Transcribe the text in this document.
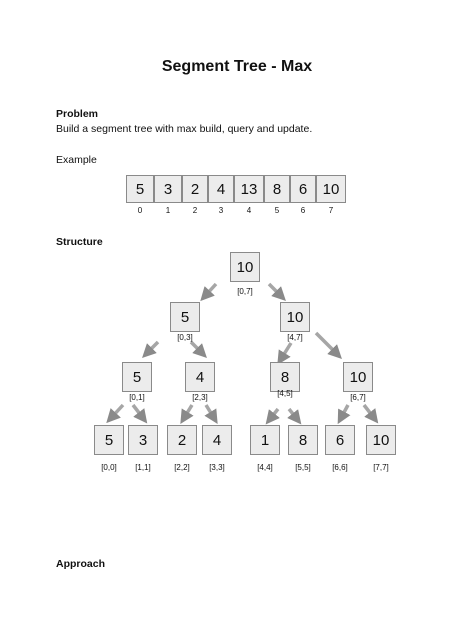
Segment Tree - Max
Problem
Build a segment tree with max build, query and update.
Example
5	3	2	4	13	8	6	10
0	1	2	3	4	5	6	7
Structure
10
[0,7]
5
[0,3]
10
[4,7]
5
[0,1]
4
[2,3]
8
[4,5]
10
[6,7]
5
[0,0]
3
[1,1]
2
[2,2]
4
[3,3]
1
[4,4]
8
[5,5]
6
[6,6]
10
[7,7]
Approach
